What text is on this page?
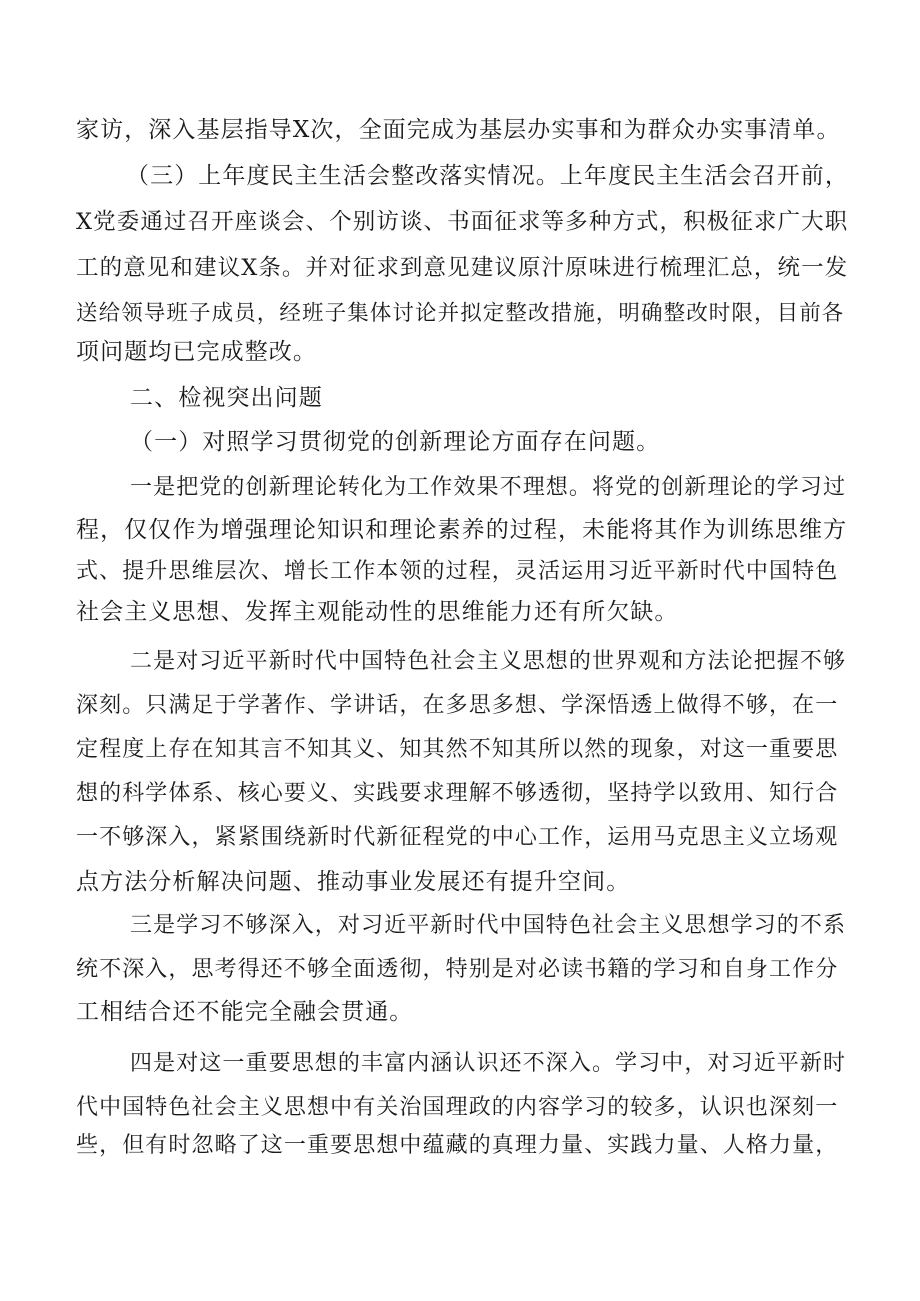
家访，深入基层指导X次，全面完成为基层办实事和为群众办实事清单。
（三）上年度民主生活会整改落实情况。上年度民主生活会召开前，
X党委通过召开座谈会、个别访谈、书面征求等多种方式，积极征求广大职
工的意见和建议X条。并对征求到意见建议原汁原味进行梳理汇总，统一发
送给领导班子成员，经班子集体讨论并拟定整改措施，明确整改时限，目前各
项问题均已完成整改。
二、检视突出问题
（一）对照学习贯彻党的创新理论方面存在问题。
一是把党的创新理论转化为工作效果不理想。将党的创新理论的学习过
程，仅仅作为增强理论知识和理论素养的过程，未能将其作为训练思维方
式、提升思维层次、增长工作本领的过程，灵活运用习近平新时代中国特色
社会主义思想、发挥主观能动性的思维能力还有所欠缺。
二是对习近平新时代中国特色社会主义思想的世界观和方法论把握不够
深刻。只满足于学著作、学讲话，在多思多想、学深悟透上做得不够，在一
定程度上存在知其言不知其义、知其然不知其所以然的现象，对这一重要思
想的科学体系、核心要义、实践要求理解不够透彻，坚持学以致用、知行合
一不够深入，紧紧围绕新时代新征程党的中心工作，运用马克思主义立场观
点方法分析解决问题、推动事业发展还有提升空间。
三是学习不够深入，对习近平新时代中国特色社会主义思想学习的不系
统不深入，思考得还不够全面透彻，特别是对必读书籍的学习和自身工作分
工相结合还不能完全融会贯通。
四是对这一重要思想的丰富内涵认识还不深入。学习中，对习近平新时
代中国特色社会主义思想中有关治国理政的内容学习的较多，认识也深刻一
些，但有时忽略了这一重要思想中蕴藏的真理力量、实践力量、人格力量，
